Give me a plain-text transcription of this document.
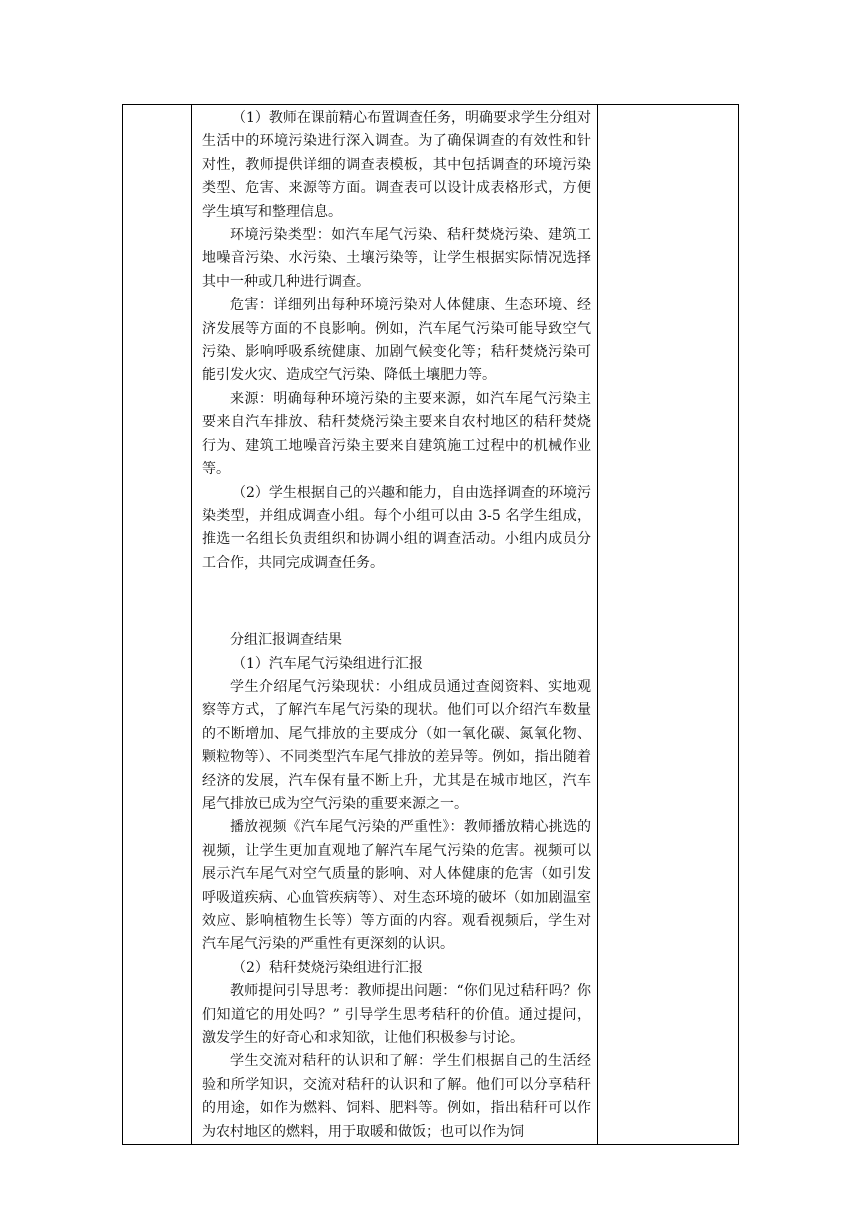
（1）教师在课前精心布置调查任务，明确要求学生分组对生活中的环境污染进行深入调查。为了确保调查的有效性和针对性，教师提供详细的调查表模板，其中包括调查的环境污染类型、危害、来源等方面。调查表可以设计成表格形式，方便学生填写和整理信息。

环境污染类型：如汽车尾气污染、秸秆焚烧污染、建筑工地噪音污染、水污染、土壤污染等，让学生根据实际情况选择其中一种或几种进行调查。

危害：详细列出每种环境污染对人体健康、生态环境、经济发展等方面的不良影响。例如，汽车尾气污染可能导致空气污染、影响呼吸系统健康、加剧气候变化等；秸秆焚烧污染可能引发火灾、造成空气污染、降低土壤肥力等。

来源：明确每种环境污染的主要来源，如汽车尾气污染主要来自汽车排放、秸秆焚烧污染主要来自农村地区的秸秆焚烧行为、建筑工地噪音污染主要来自建筑施工过程中的机械作业等。

（2）学生根据自己的兴趣和能力，自由选择调查的环境污染类型，并组成调查小组。每个小组可以由 3-5 名学生组成，推选一名组长负责组织和协调小组的调查活动。小组内成员分工合作，共同完成调查任务。

分组汇报调查结果

（1）汽车尾气污染组进行汇报

学生介绍尾气污染现状：小组成员通过查阅资料、实地观察等方式，了解汽车尾气污染的现状。他们可以介绍汽车数量的不断增加、尾气排放的主要成分（如一氧化碳、氮氧化物、颗粒物等）、不同类型汽车尾气排放的差异等。例如，指出随着经济的发展，汽车保有量不断上升，尤其是在城市地区，汽车尾气排放已成为空气污染的重要来源之一。

播放视频《汽车尾气污染的严重性》：教师播放精心挑选的视频，让学生更加直观地了解汽车尾气污染的危害。视频可以展示汽车尾气对空气质量的影响、对人体健康的危害（如引发呼吸道疾病、心血管疾病等）、对生态环境的破坏（如加剧温室效应、影响植物生长等）等方面的内容。观看视频后，学生对汽车尾气污染的严重性有更深刻的认识。

（2）秸秆焚烧污染组进行汇报

教师提问引导思考：教师提出问题：“你们见过秸秆吗？你们知道它的用处吗？” 引导学生思考秸秆的价值。通过提问，激发学生的好奇心和求知欲，让他们积极参与讨论。

学生交流对秸秆的认识和了解：学生们根据自己的生活经验和所学知识，交流对秸秆的认识和了解。他们可以分享秸秆的用途，如作为燃料、饲料、肥料等。例如，指出秸秆可以作为农村地区的燃料，用于取暖和做饭；也可以作为饲
